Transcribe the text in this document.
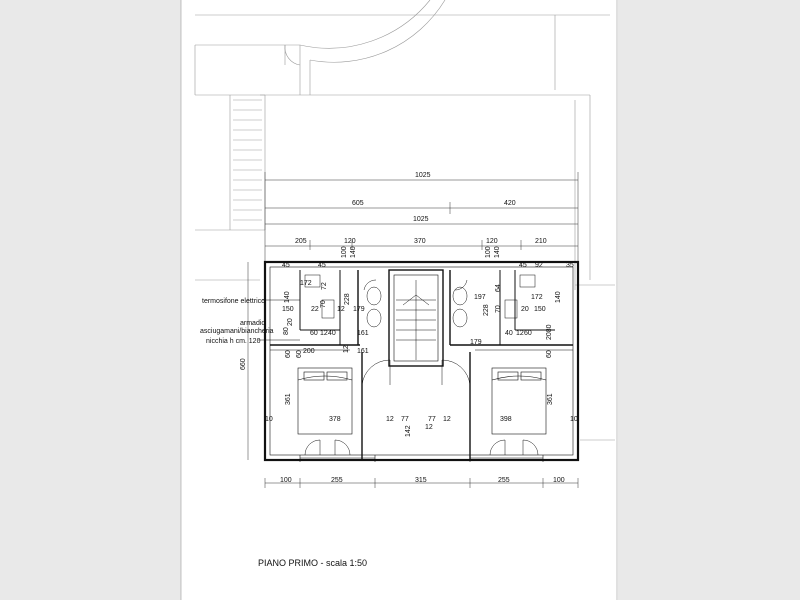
1025
605	420
1025
205	120	370	120	210
100	255	315	255	100
660
100 140	100 140
45	45	45 92	35
172 72
172
140	140
228
228
197
64
70
70
150 22	12 179	20 150
20
80	60 40
12	161	40 12 60 2080
179
200	161
60 60	60
361	361
378	398
10	10
12 77	77 12
12
142
12
termosifone elettrico
armadio
asciugamani/biancheria
nicchia h cm. 120
PIANO PRIMO - scala 1:50
